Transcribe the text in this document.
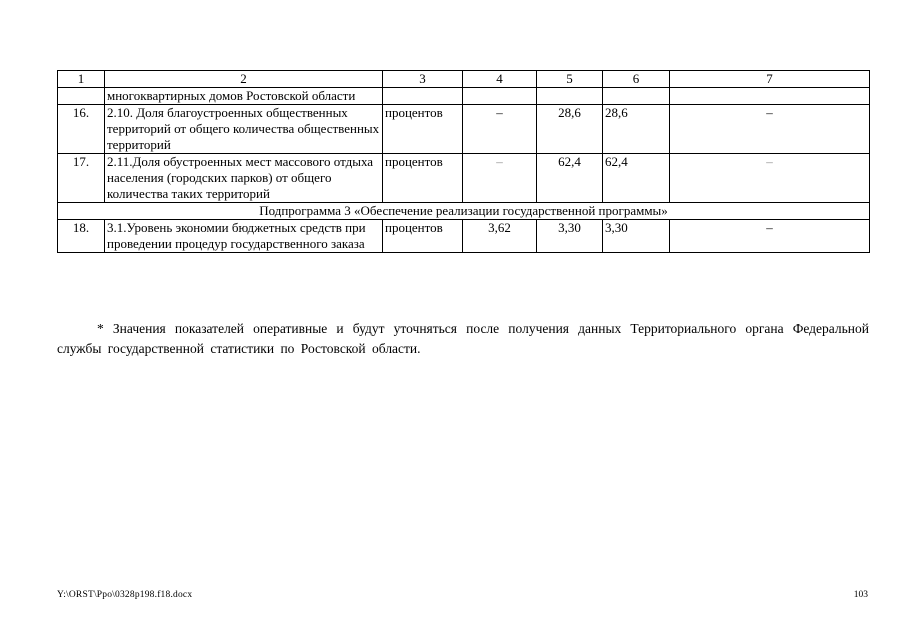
1	2	3	4	5	6	7
	многоквартирных домов Ростовской области					
16.	2.10. Доля благоустроенных общественных территорий от общего количества общественных территорий	процентов	–	28,6	28,6	–
17.	2.11.Доля обустроенных мест массового отдыха населения (городских парков) от общего количества таких территорий	процентов	–	62,4	62,4	–
Подпрограмма 3 «Обеспечение реализации государственной программы»						
18.	3.1.Уровень экономии бюджетных средств при проведении процедур государственного заказа	процентов	3,62	3,30	3,30	–

* Значения показателей оперативные и будут уточняться после получения данных Территориального органа Федеральной службы государственной статистики по Ростовской области.

Y:\ORST\Ppo\0328p198.f18.docx	103
